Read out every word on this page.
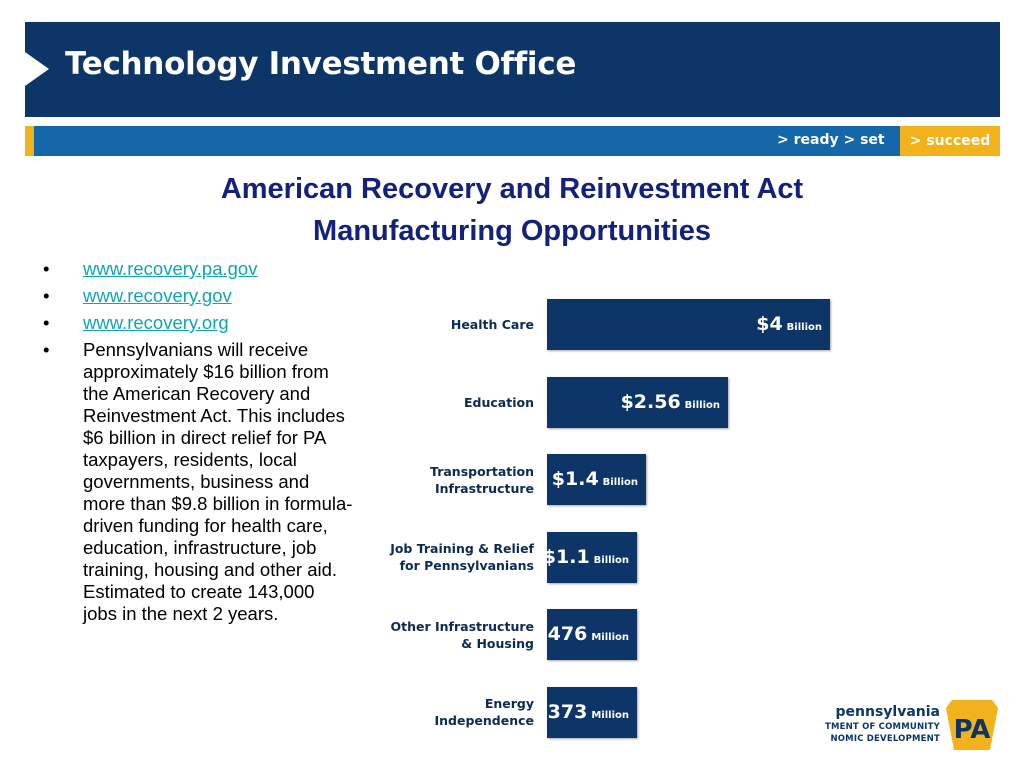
Technology Investment Office
> ready > set	> succeed
American Recovery and Reinvestment Act
Manufacturing Opportunities
• www.recovery.pa.gov
• www.recovery.gov
• www.recovery.org
• Pennsylvanians will receive approximately $16 billion from the American Recovery and Reinvestment Act. This includes $6 billion in direct relief for PA taxpayers, residents, local governments, business and more than $9.8 billion in formula-driven funding for health care, education, infrastructure, job training, housing and other aid. Estimated to create 143,000 jobs in the next 2 years.
$4 Billion
Health Care
$2.56 Billion
Education
$1.4 Billion
Transportation
Infrastructure
$1.1 Billion
Job Training & Relief
for Pennsylvanians
$476 Million
Other Infrastructure
& Housing
$373 Million
Energy
Independence
pennsylvania
TMENT OF COMMUNITY
NOMIC DEVELOPMENT PA
